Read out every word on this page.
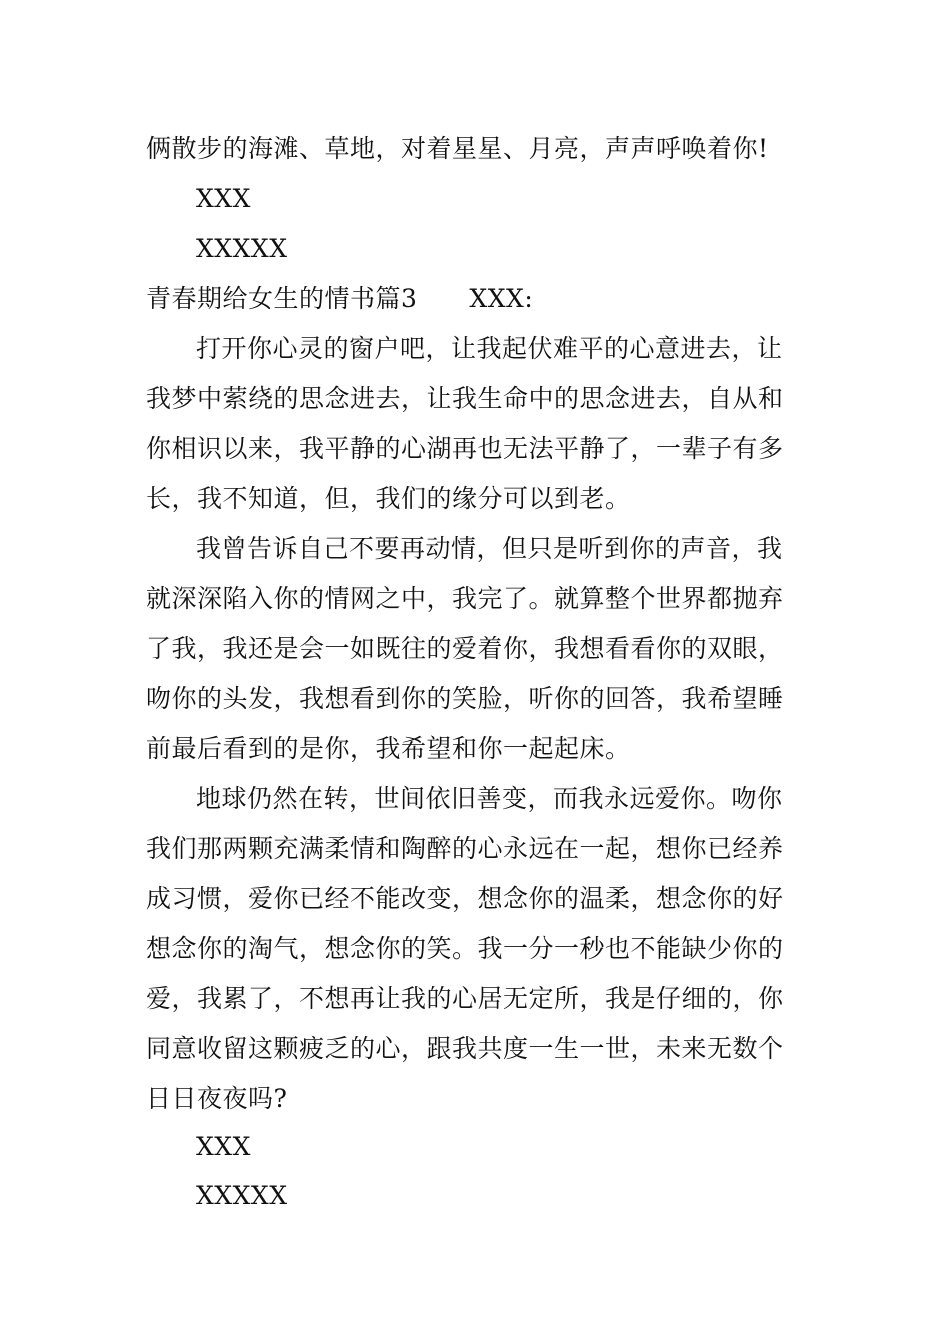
俩散步的海滩、草地，对着星星、月亮，声声呼唤着你!
XXX
XXXXX
青春期给女生的情书篇3 XXX:
打开你心灵的窗户吧，让我起伏难平的心意进去，让
我梦中萦绕的思念进去，让我生命中的思念进去，自从和
你相识以来，我平静的心湖再也无法平静了，一辈子有多
长，我不知道，但，我们的缘分可以到老。
我曾告诉自己不要再动情，但只是听到你的声音，我
就深深陷入你的情网之中，我完了。就算整个世界都抛弃
了我，我还是会一如既往的爱着你，我想看看你的双眼，
吻你的头发，我想看到你的笑脸，听你的回答，我希望睡
前最后看到的是你，我希望和你一起起床。
地球仍然在转，世间依旧善变，而我永远爱你。吻你
我们那两颗充满柔情和陶醉的心永远在一起，想你已经养
成习惯，爱你已经不能改变，想念你的温柔，想念你的好
想念你的淘气，想念你的笑。我一分一秒也不能缺少你的
爱，我累了，不想再让我的心居无定所，我是仔细的，你
同意收留这颗疲乏的心，跟我共度一生一世，未来无数个
日日夜夜吗?
XXX
XXXXX
